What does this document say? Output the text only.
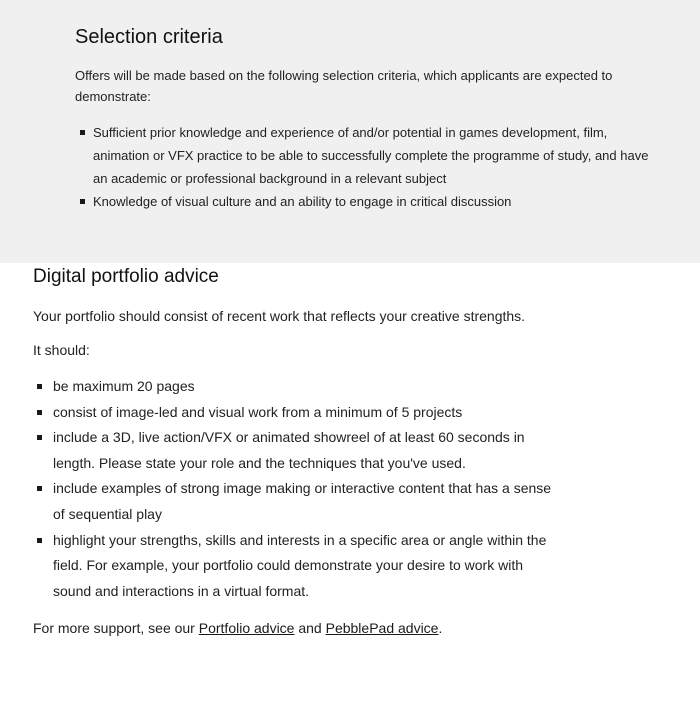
Selection criteria

Offers will be made based on the following selection criteria, which applicants are expected to demonstrate:

Sufficient prior knowledge and experience of and/or potential in games development, film, animation or VFX practice to be able to successfully complete the programme of study, and have an academic or professional background in a relevant subject
Knowledge of visual culture and an ability to engage in critical discussion
Digital portfolio advice

Your portfolio should consist of recent work that reflects your creative strengths.

It should:

be maximum 20 pages
consist of image-led and visual work from a minimum of 5 projects
include a 3D, live action/VFX or animated showreel of at least 60 seconds in length. Please state your role and the techniques that you've used.
include examples of strong image making or interactive content that has a sense of sequential play
highlight your strengths, skills and interests in a specific area or angle within the field. For example, your portfolio could demonstrate your desire to work with sound and interactions in a virtual format.

For more support, see our Portfolio advice and PebblePad advice.
